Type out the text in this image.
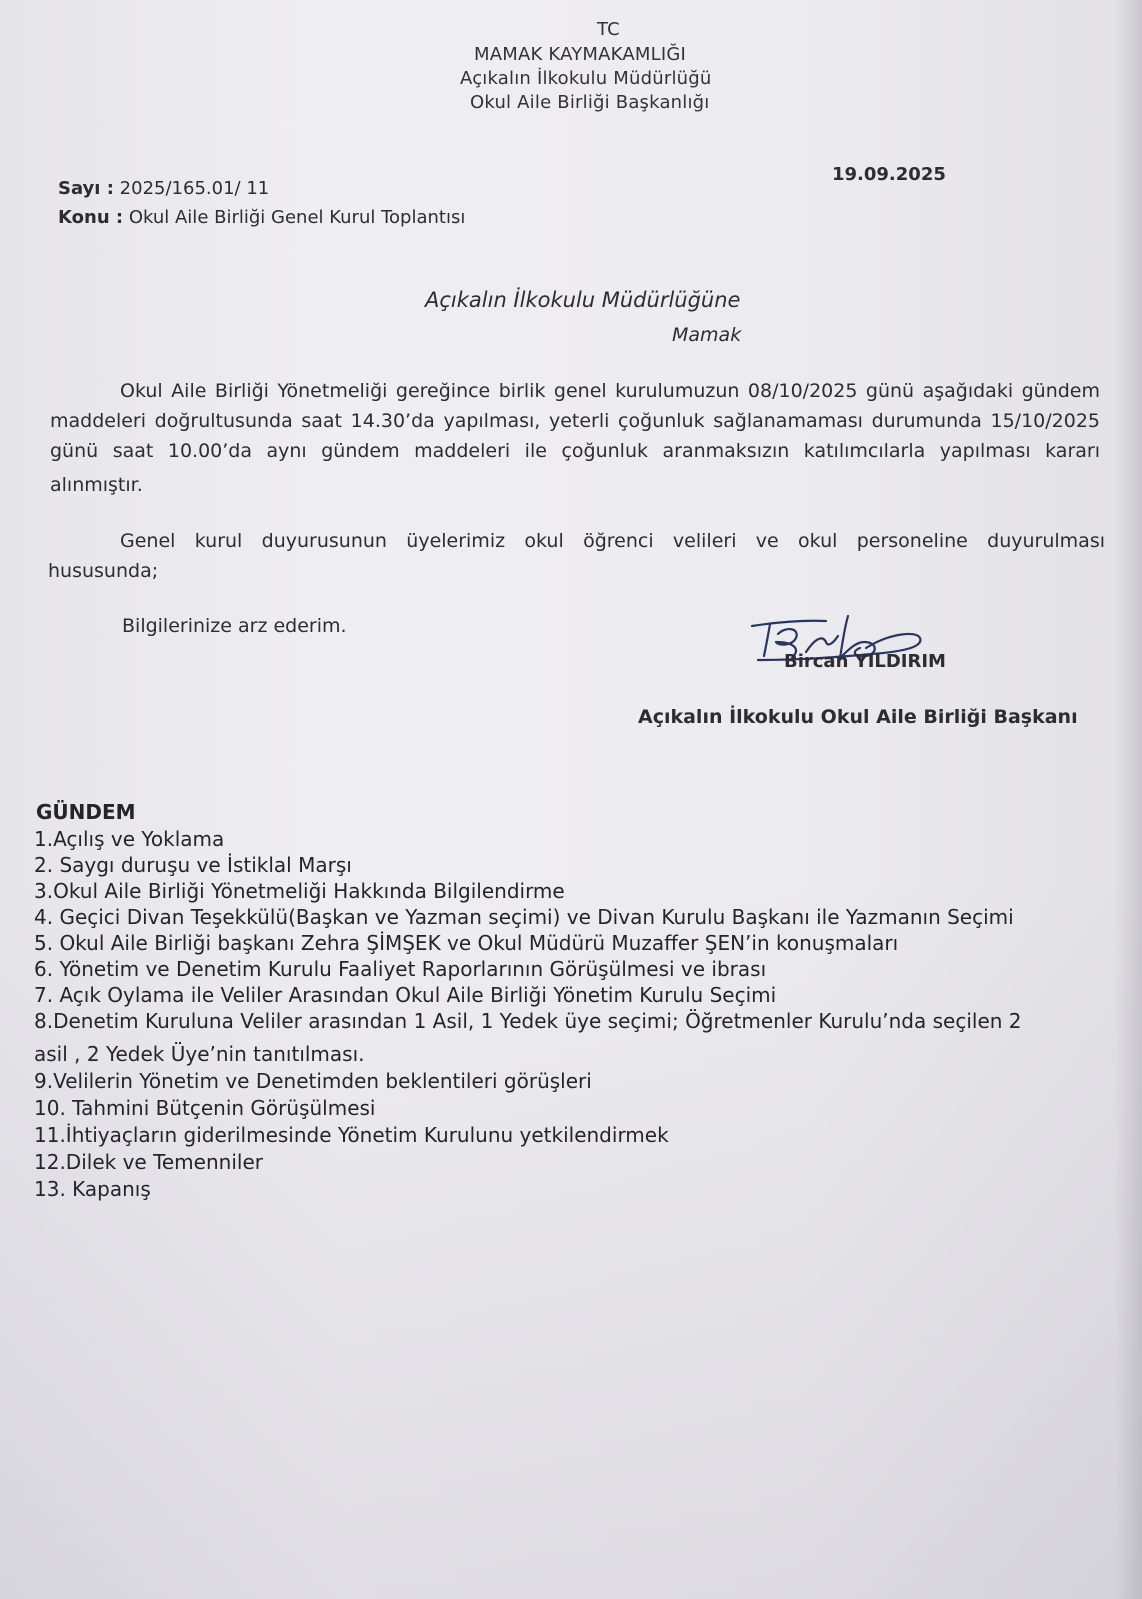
TC
MAMAK KAYMAKAMLIĞI
Açıkalın İlkokulu Müdürlüğü
Okul Aile Birliği Başkanlığı
Sayı : 2025/165.01/ 11
19.09.2025
Konu : Okul Aile Birliği Genel Kurul Toplantısı
Açıkalın İlkokulu Müdürlüğüne
Mamak
Okul Aile Birliği Yönetmeliği gereğince birlik genel kurulumuzun 08/10/2025 günü aşağıdaki gündem
maddeleri doğrultusunda saat 14.30’da yapılması, yeterli çoğunluk sağlanamaması durumunda 15/10/2025
günü saat 10.00’da aynı gündem maddeleri ile çoğunluk aranmaksızın katılımcılarla yapılması kararı
alınmıştır.
Genel kurul duyurusunun üyelerimiz okul öğrenci velileri ve okul personeline duyurulması
hususunda;
Bilgilerinize arz ederim.
Bircan YILDIRIM
Açıkalın İlkokulu Okul Aile Birliği Başkanı
GÜNDEM
1.Açılış ve Yoklama
2. Saygı duruşu ve İstiklal Marşı
3.Okul Aile Birliği Yönetmeliği Hakkında Bilgilendirme
4. Geçici Divan Teşekkülü(Başkan ve Yazman seçimi) ve Divan Kurulu Başkanı ile Yazmanın Seçimi
5. Okul Aile Birliği başkanı Zehra ŞİMŞEK ve Okul Müdürü Muzaffer ŞEN’in konuşmaları
6. Yönetim ve Denetim Kurulu Faaliyet Raporlarının Görüşülmesi ve ibrası
7. Açık Oylama ile Veliler Arasından Okul Aile Birliği Yönetim Kurulu Seçimi
8.Denetim Kuruluna Veliler arasından 1 Asil, 1 Yedek üye seçimi; Öğretmenler Kurulu’nda seçilen 2
asil , 2 Yedek Üye’nin tanıtılması.
9.Velilerin Yönetim ve Denetimden beklentileri görüşleri
10. Tahmini Bütçenin Görüşülmesi
11.İhtiyaçların giderilmesinde Yönetim Kurulunu yetkilendirmek
12.Dilek ve Temenniler
13. Kapanış
